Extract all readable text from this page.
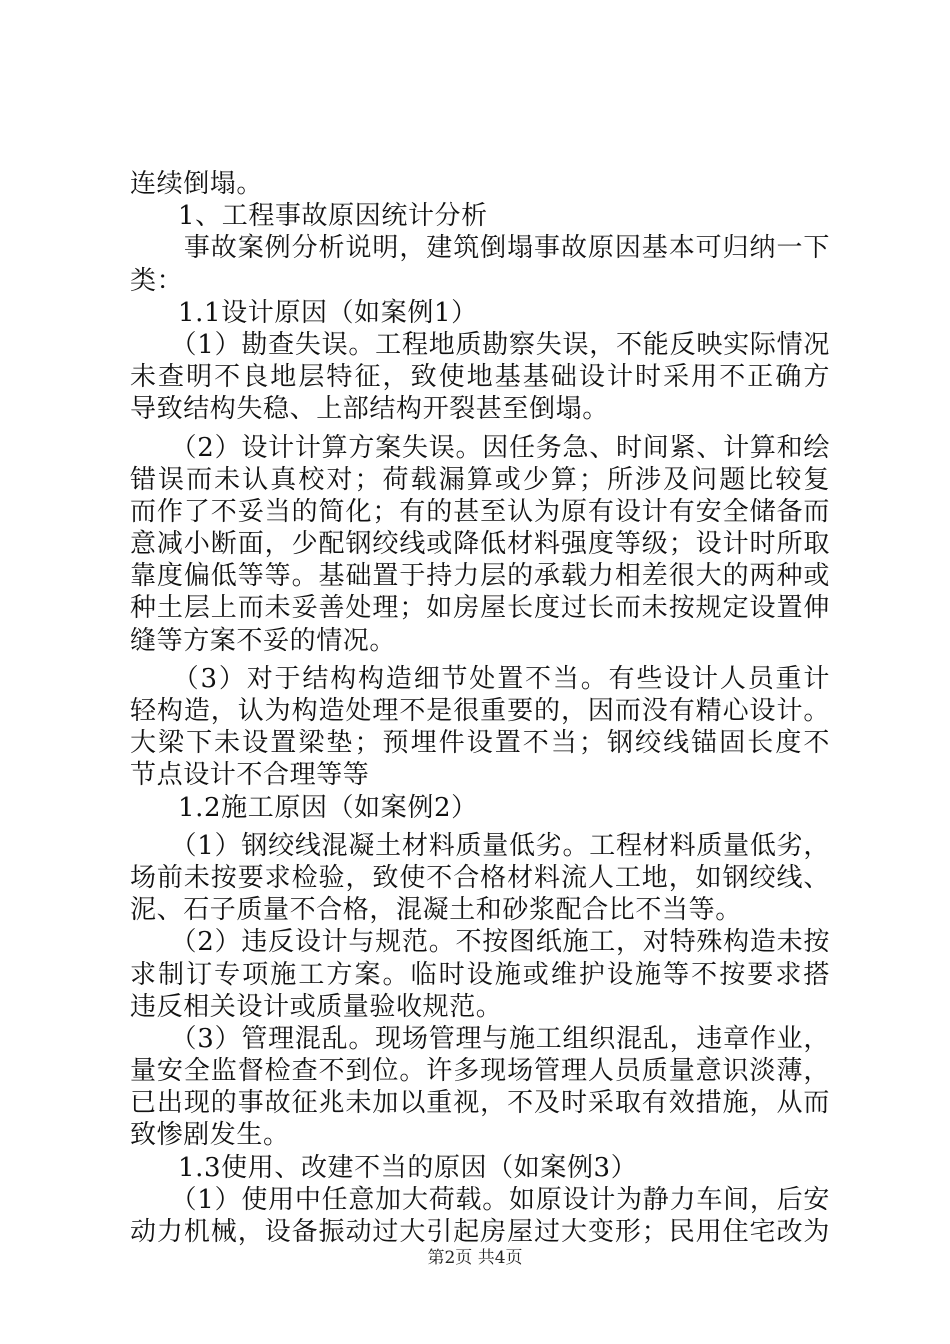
连续倒塌。
1、工程事故原因统计分析
　　事故案例分析说明，建筑倒塌事故原因基本可归纳一下
类：
1.1设计原因（如案例1）
　　（1）勘查失误。工程地质勘察失误，不能反映实际情况
未查明不良地层特征，致使地基基础设计时采用不正确方
导致结构失稳、上部结构开裂甚至倒塌。
　　（2）设计计算方案失误。因任务急、时间紧、计算和绘
错误而未认真校对；荷载漏算或少算；所涉及问题比较复
而作了不妥当的简化；有的甚至认为原有设计有安全储备而
意减小断面，少配钢绞线或降低材料强度等级；设计时所取
靠度偏低等等。基础置于持力层的承载力相差很大的两种或
种土层上而未妥善处理；如房屋长度过长而未按规定设置伸
缝等方案不妥的情况。
　　（3）对于结构构造细节处置不当。有些设计人员重计
轻构造，认为构造处理不是很重要的，因而没有精心设计。
大梁下未设置梁垫；预埋件设置不当；钢绞线锚固长度不
节点设计不合理等等
1.2施工原因（如案例2）
　　（1）钢绞线混凝土材料质量低劣。工程材料质量低劣，
场前未按要求检验，致使不合格材料流人工地，如钢绞线、
泥、石子质量不合格，混凝土和砂浆配合比不当等。
　　（2）违反设计与规范。不按图纸施工，对特殊构造未按
求制订专项施工方案。临时设施或维护设施等不按要求搭
违反相关设计或质量验收规范。
　　（3）管理混乱。现场管理与施工组织混乱，违章作业，
量安全监督检查不到位。许多现场管理人员质量意识淡薄，
已出现的事故征兆未加以重视，不及时采取有效措施，从而
致惨剧发生。
1.3使用、改建不当的原因（如案例3）
　　（1）使用中任意加大荷载。如原设计为静力车间，后安
动力机械，设备振动过大引起房屋过大变形；民用住宅改为
第2页 共4页
